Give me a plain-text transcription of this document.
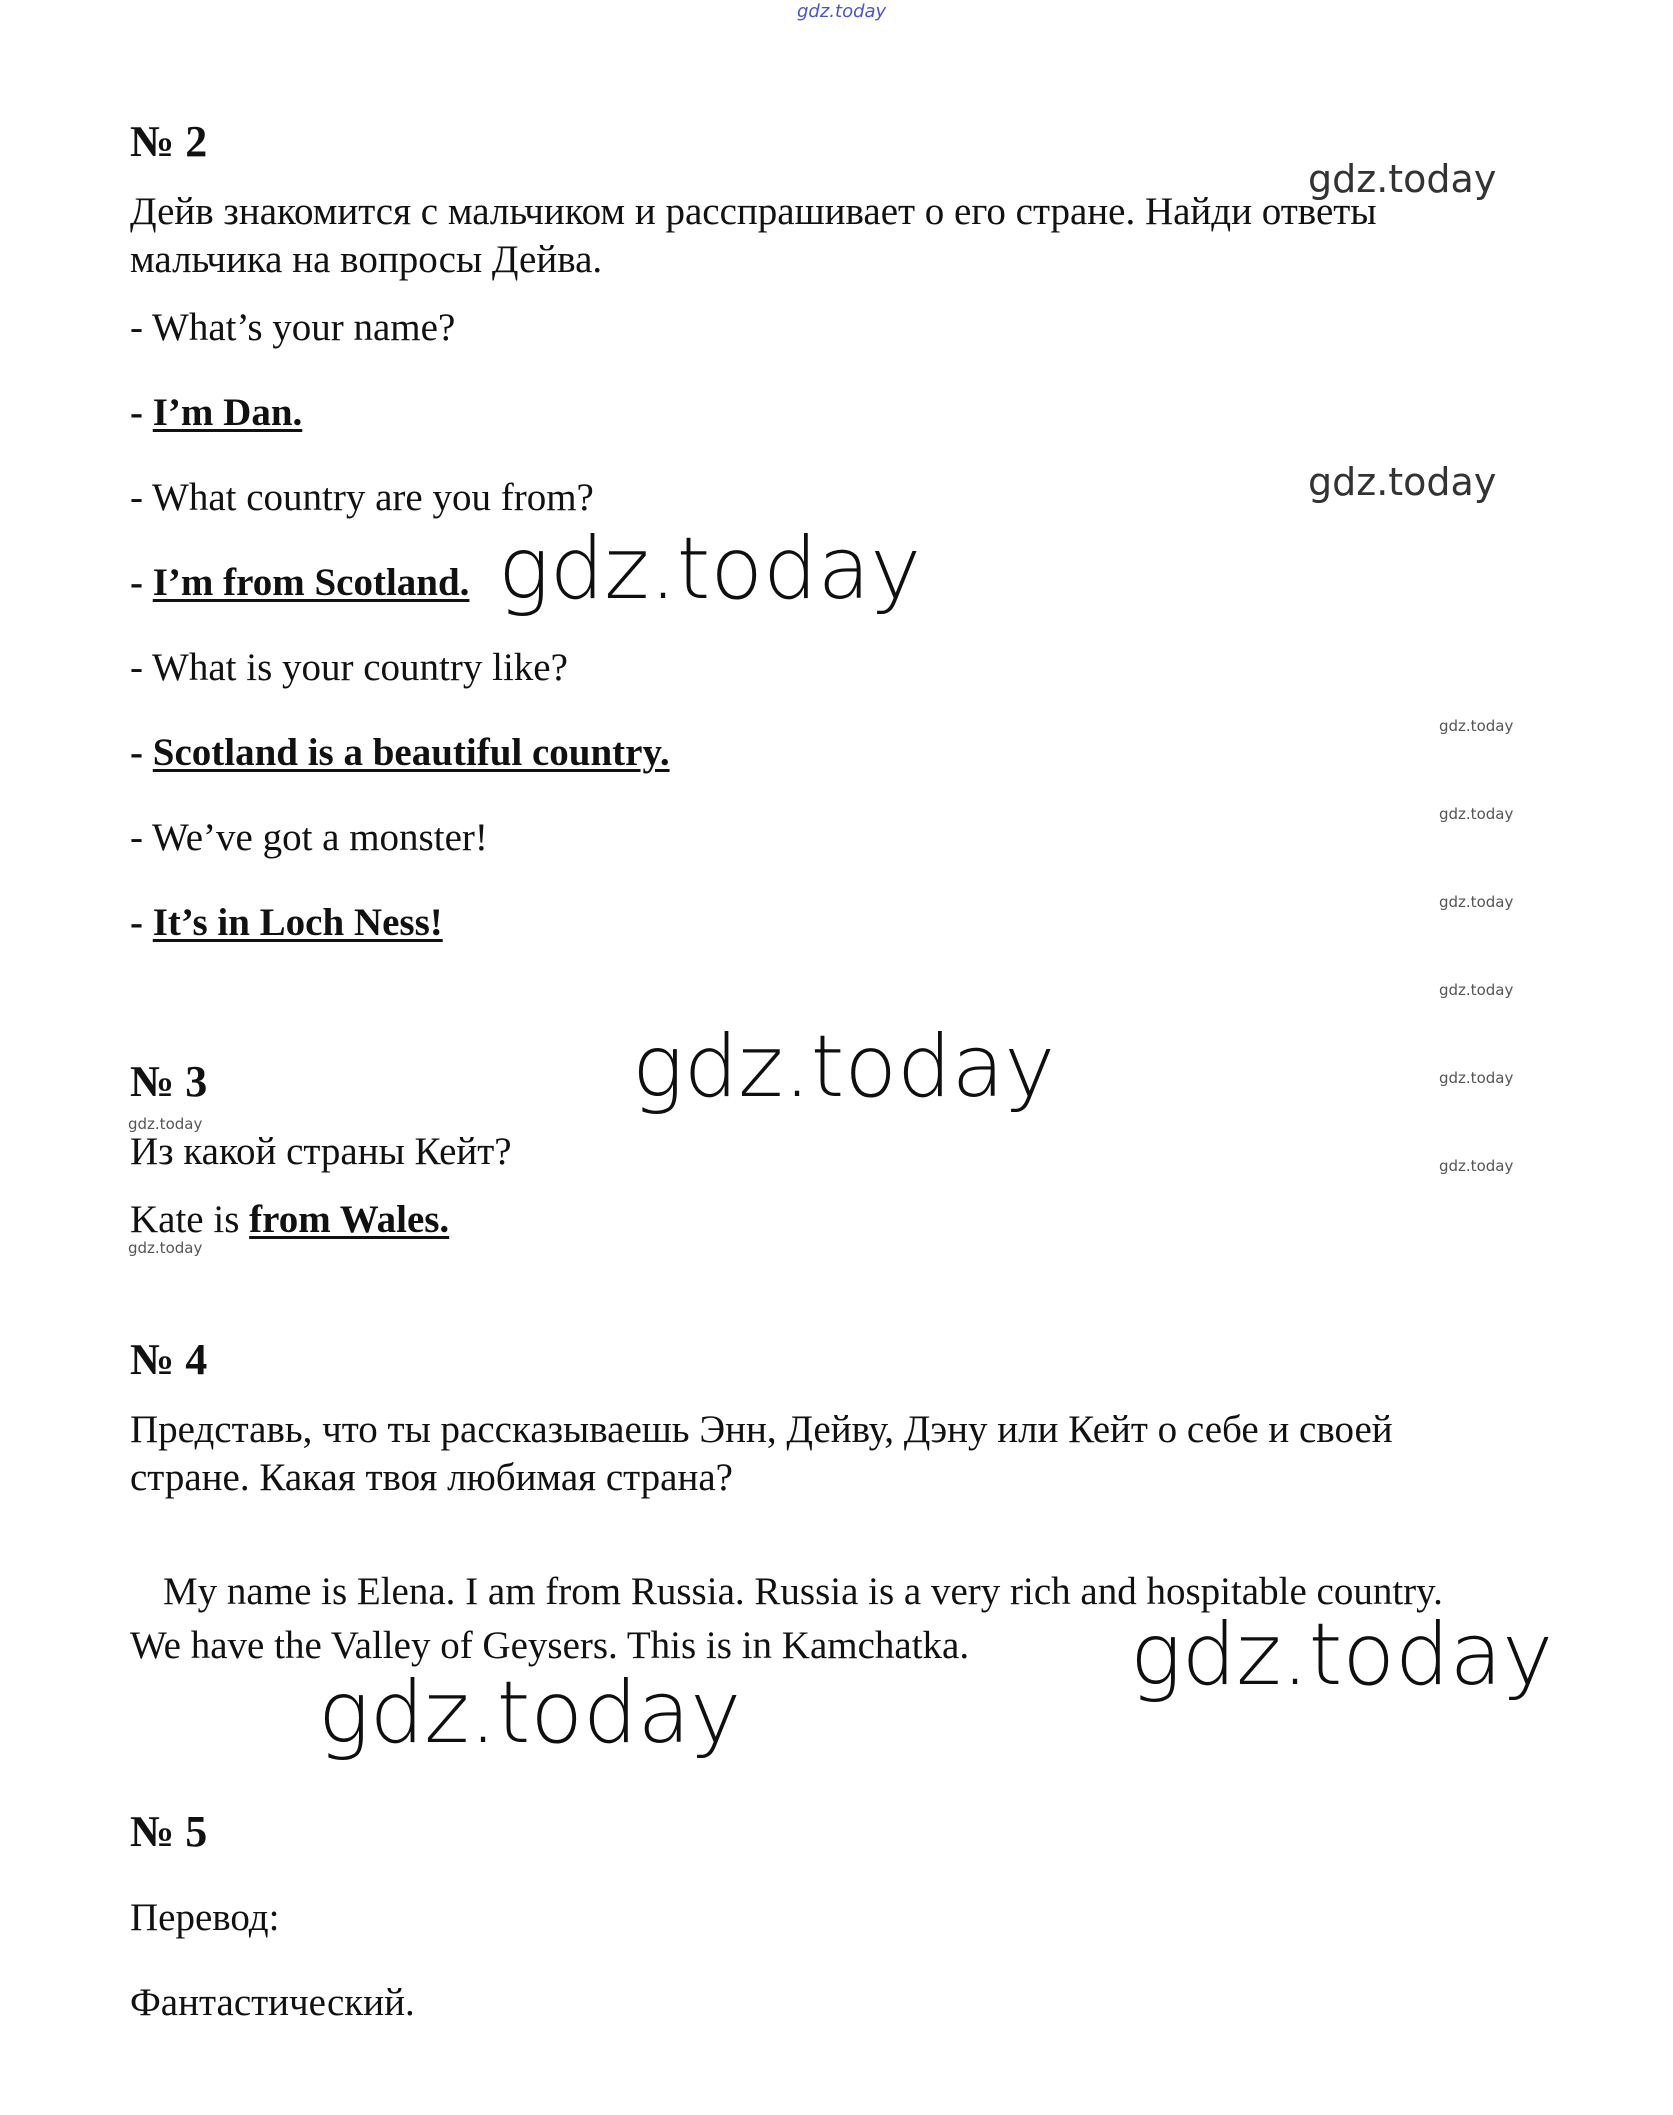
gdz.today
№ 2
Дейв знакомится с мальчиком и расспрашивает о его стране. Найди ответы
мальчика на вопросы Дейва.
- What’s your name?
- I’m Dan.
- What country are you from?
- I’m from Scotland.
- What is your country like?
- Scotland is a beautiful country.
- We’ve got a monster!
- It’s in Loch Ness!
№ 3
Из какой страны Кейт?
Kate is from Wales.
№ 4
Представь, что ты рассказываешь Энн, Дейву, Дэну или Кейт о себе и своей
стране. Какая твоя любимая страна?
My name is Elena. I am from Russia. Russia is a very rich and hospitable country.
We have the Valley of Geysers. This is in Kamchatka.
№ 5
Перевод:
Фантастический.
gdz.today
gdz.today
gdz.today
gdz.today
gdz.today
gdz.today
gdz.today
gdz.today
gdz.today
gdz.today
gdz.today
gdz.today
gdz.today
gdz.today
